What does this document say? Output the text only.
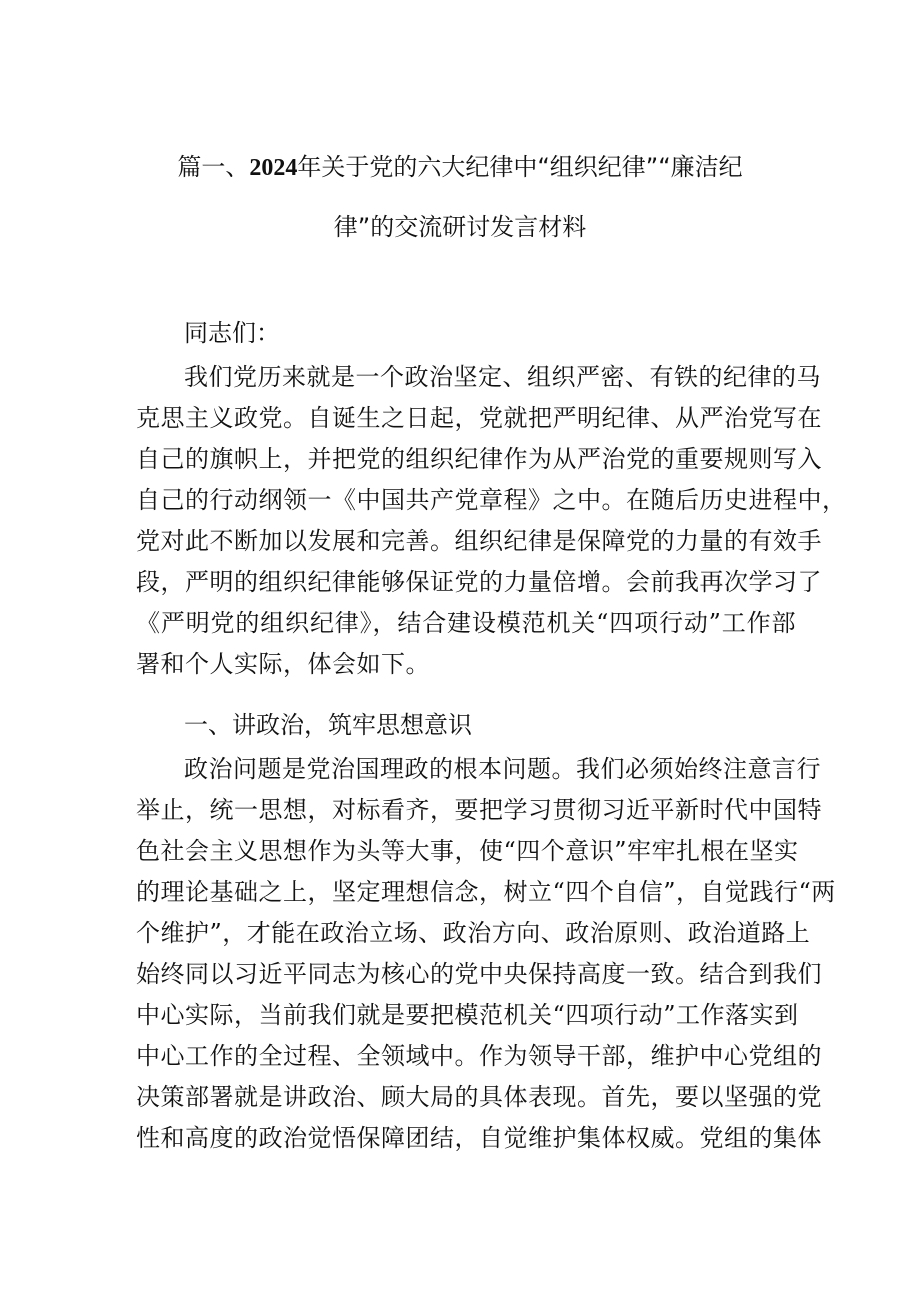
篇一、2024年关于党的六大纪律中“组织纪律”“廉洁纪
律”的交流研讨发言材料
同志们：
我们党历来就是一个政治坚定、组织严密、有铁的纪律的马
克思主义政党。自诞生之日起，党就把严明纪律、从严治党写在
自己的旗帜上，并把党的组织纪律作为从严治党的重要规则写入
自己的行动纲领一《中国共产党章程》之中。在随后历史进程中，
党对此不断加以发展和完善。组织纪律是保障党的力量的有效手
段，严明的组织纪律能够保证党的力量倍增。会前我再次学习了
《严明党的组织纪律》，结合建设模范机关“四项行动”工作部
署和个人实际，体会如下。
一、讲政治，筑牢思想意识
政治问题是党治国理政的根本问题。我们必须始终注意言行
举止，统一思想，对标看齐，要把学习贯彻习近平新时代中国特
色社会主义思想作为头等大事，使“四个意识”牢牢扎根在坚实
的理论基础之上，坚定理想信念，树立“四个自信”，自觉践行“两
个维护”，才能在政治立场、政治方向、政治原则、政治道路上
始终同以习近平同志为核心的党中央保持高度一致。结合到我们
中心实际，当前我们就是要把模范机关“四项行动”工作落实到
中心工作的全过程、全领域中。作为领导干部，维护中心党组的
决策部署就是讲政治、顾大局的具体表现。首先，要以坚强的党
性和高度的政治觉悟保障团结，自觉维护集体权威。党组的集体
